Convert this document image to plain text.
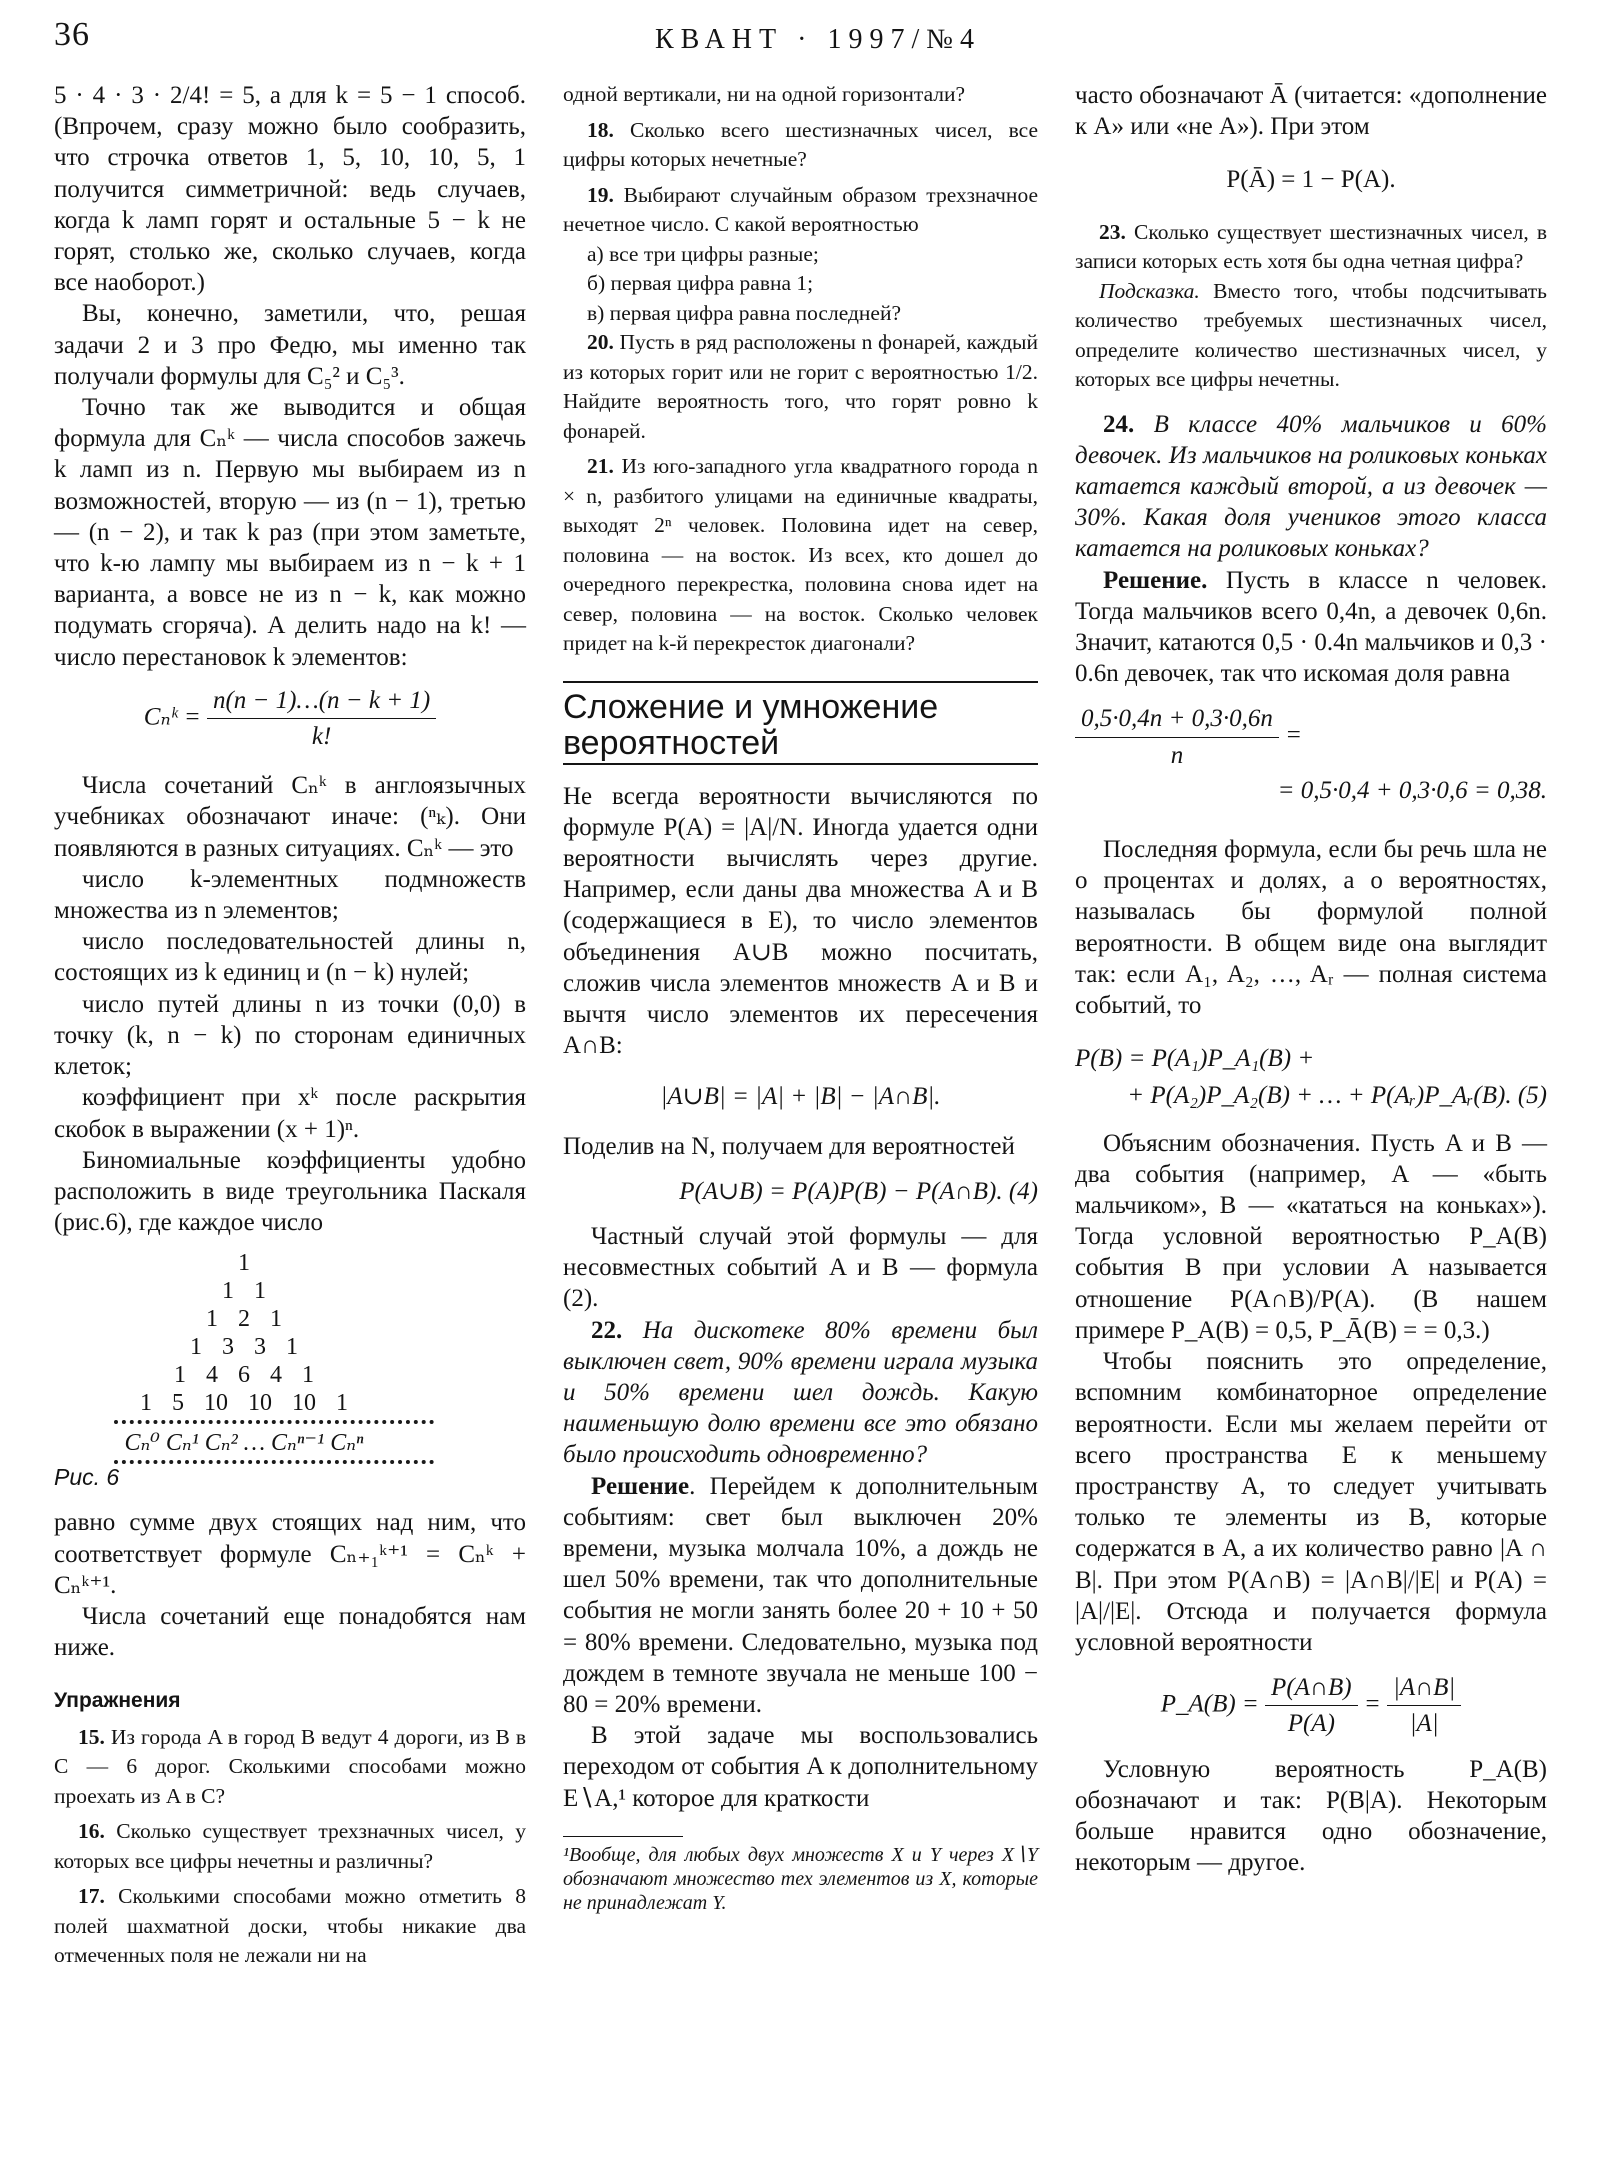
36	КВАНТ · 1997/№4

5 · 4 · 3 · 2/4! = 5, а для k = 5 − 1 способ. (Впрочем, сразу можно было сообразить, что строчка ответов 1, 5, 10, 10, 5, 1 получится симметричной: ведь случаев, когда k ламп горят и остальные 5 − k не горят, столько же, сколько случаев, когда все наоборот.)

Вы, конечно, заметили, что, решая задачи 2 и 3 про Федю, мы именно так получали формулы для C₅² и C₅³.

Точно так же выводится и общая формула для Cₙᵏ — числа способов зажечь k ламп из n. Первую мы выбираем из n возможностей, вторую — из (n − 1), третью — (n − 2), и так k раз (при этом заметьте, что k-ю лампу мы выбираем из n − k + 1 варианта, а вовсе не из n − k, как можно подумать сгоряча). А делить надо на k! — число перестановок k элементов:

Cₙᵏ = $\frac{n(n - 1)\dots(n - k + 1)}{k!}$

Числа сочетаний Cₙᵏ в англоязычных учебниках обозначают иначе: (ⁿₖ). Они появляются в разных ситуациях. Cₙᵏ — это

число k-элементных подмножеств множества из n элементов;

число последовательностей длины n, состоящих из k единиц и (n − k) нулей;

число путей длины n из точки (0,0) в точку (k, n − k) по сторонам единичных клеток;

коэффициент при xᵏ после раскрытия скобок в выражении (x + 1)ⁿ.

Биномиальные коэффициенты удобно расположить в виде треугольника Паскаля (рис.6), где каждое число

1
1 1
1 2 1
1 3 3 1
1 4 6 4 1
1 5 10 10 10 1
Cₙ⁰ Cₙ¹ Cₙ² … Cₙⁿ⁻¹ Cₙⁿ
Рис. 6

равно сумме двух стоящих над ним, что соответствует формуле Cₙ₊₁ᵏ⁺¹ = Cₙᵏ + Cₙᵏ⁺¹.

Числа сочетаний еще понадобятся нам ниже.

Упражнения

15. Из города A в город B ведут 4 дороги, из B в C — 6 дорог. Сколькими способами можно проехать из A в C?

16. Сколько существует трехзначных чисел, у которых все цифры нечетны и различны?

17. Сколькими способами можно отметить 8 полей шахматной доски, чтобы никакие два отмеченных поля не лежали ни на

одной вертикали, ни на одной горизонтали?

18. Сколько всего шестизначных чисел, все цифры которых нечетные?

19. Выбирают случайным образом трехзначное нечетное число. С какой вероятностью

а) все три цифры разные;

б) первая цифра равна 1;

в) первая цифра равна последней?

20. Пусть в ряд расположены n фонарей, каждый из которых горит или не горит с вероятностью 1/2. Найдите вероятность того, что горят ровно k фонарей.

21. Из юго-западного угла квадратного города n × n, разбитого улицами на единичные квадраты, выходят 2ⁿ человек. Половина идет на север, половина — на восток. Из всех, кто дошел до очередного перекрестка, половина снова идет на север, половина — на восток. Сколько человек придет на k-й перекресток диагонали?

Сложение и умножение вероятностей

Не всегда вероятности вычисляются по формуле P(A) = |A|/N. Иногда удается одни вероятности вычислять через другие. Например, если даны два множества A и B (содержащиеся в E), то число элементов объединения A∪B можно посчитать, сложив числа элементов множеств A и B и вычтя число элементов их пересечения A∩B:

|A∪B| = |A| + |B| − |A∩B|.

Поделив на N, получаем для вероятностей

P(A∪B) = P(A)P(B) − P(A∩B). (4)

Частный случай этой формулы — для несовместных событий A и B — формула (2).

22. На дискотеке 80% времени был выключен свет, 90% времени играла музыка и 50% времени шел дождь. Какую наименьшую долю времени все это обязано было происходить одновременно?

Решение. Перейдем к дополнительным событиям: свет был выключен 20% времени, музыка молчала 10%, а дождь не шел 50% времени, так что дополнительные события не могли занять более 20 + 10 + 50 = 80% времени. Следовательно, музыка под дождем в темноте звучала не меньше 100 − 80 = 20% времени.

В этой задаче мы воспользовались переходом от события A к дополнительному E∖A,¹ которое для краткости

¹Вообще, для любых двух множеств X и Y через X∖Y обозначают множество тех элементов из X, которые не принадлежат Y.

часто обозначают Ā (читается: «дополнение к A» или «не A»). При этом

P(Ā) = 1 − P(A).

23. Сколько существует шестизначных чисел, в записи которых есть хотя бы одна четная цифра?

Подсказка. Вместо того, чтобы подсчитывать количество требуемых шестизначных чисел, определите количество шестизначных чисел, у которых все цифры нечетны.

24. В классе 40% мальчиков и 60% девочек. Из мальчиков на роликовых коньках катается каждый второй, а из девочек — 30%. Какая доля учеников этого класса катается на роликовых коньках?

Решение. Пусть в классе n человек. Тогда мальчиков всего 0,4n, а девочек 0,6n. Значит, катаются 0,5 · 0.4n мальчиков и 0,3 · 0.6n девочек, так что искомая доля равна

$\frac{0,5\cdot 0,4n + 0,3\cdot 0,6n}{n}$ =
= 0,5·0,4 + 0,3·0,6 = 0,38.

Последняя формула, если бы речь шла не о процентах и долях, а о вероятностях, называлась бы формулой полной вероятности. В общем виде она выглядит так: если A₁, A₂, …, Aᵣ — полная система событий, то

P(B) = P(A₁)P_A₁(B) +
+ P(A₂)P_A₂(B) + … + P(Aᵣ)P_Aᵣ(B). (5)

Объясним обозначения. Пусть A и B — два события (например, A — «быть мальчиком», B — «кататься на коньках»). Тогда условной вероятностью P_A(B) события B при условии A называется отношение P(A∩B)/P(A). (В нашем примере P_A(B) = 0,5, P_Ā(B) = = 0,3.)

Чтобы пояснить это определение, вспомним комбинаторное определение вероятности. Если мы желаем перейти от всего пространства E к меньшему пространству A, то следует учитывать только те элементы из B, которые содержатся в A, а их количество равно |A ∩ B|. При этом P(A∩B) = |A∩B|/|E| и P(A) = |A|/|E|. Отсюда и получается формула условной вероятности

P_A(B) = $\frac{P(A\cap B)}{P(A)} = \frac{|A\cap B|}{|A|}$

Условную вероятность P_A(B) обозначают и так: P(B|A). Некоторым больше нравится одно обозначение, некоторым — другое.
